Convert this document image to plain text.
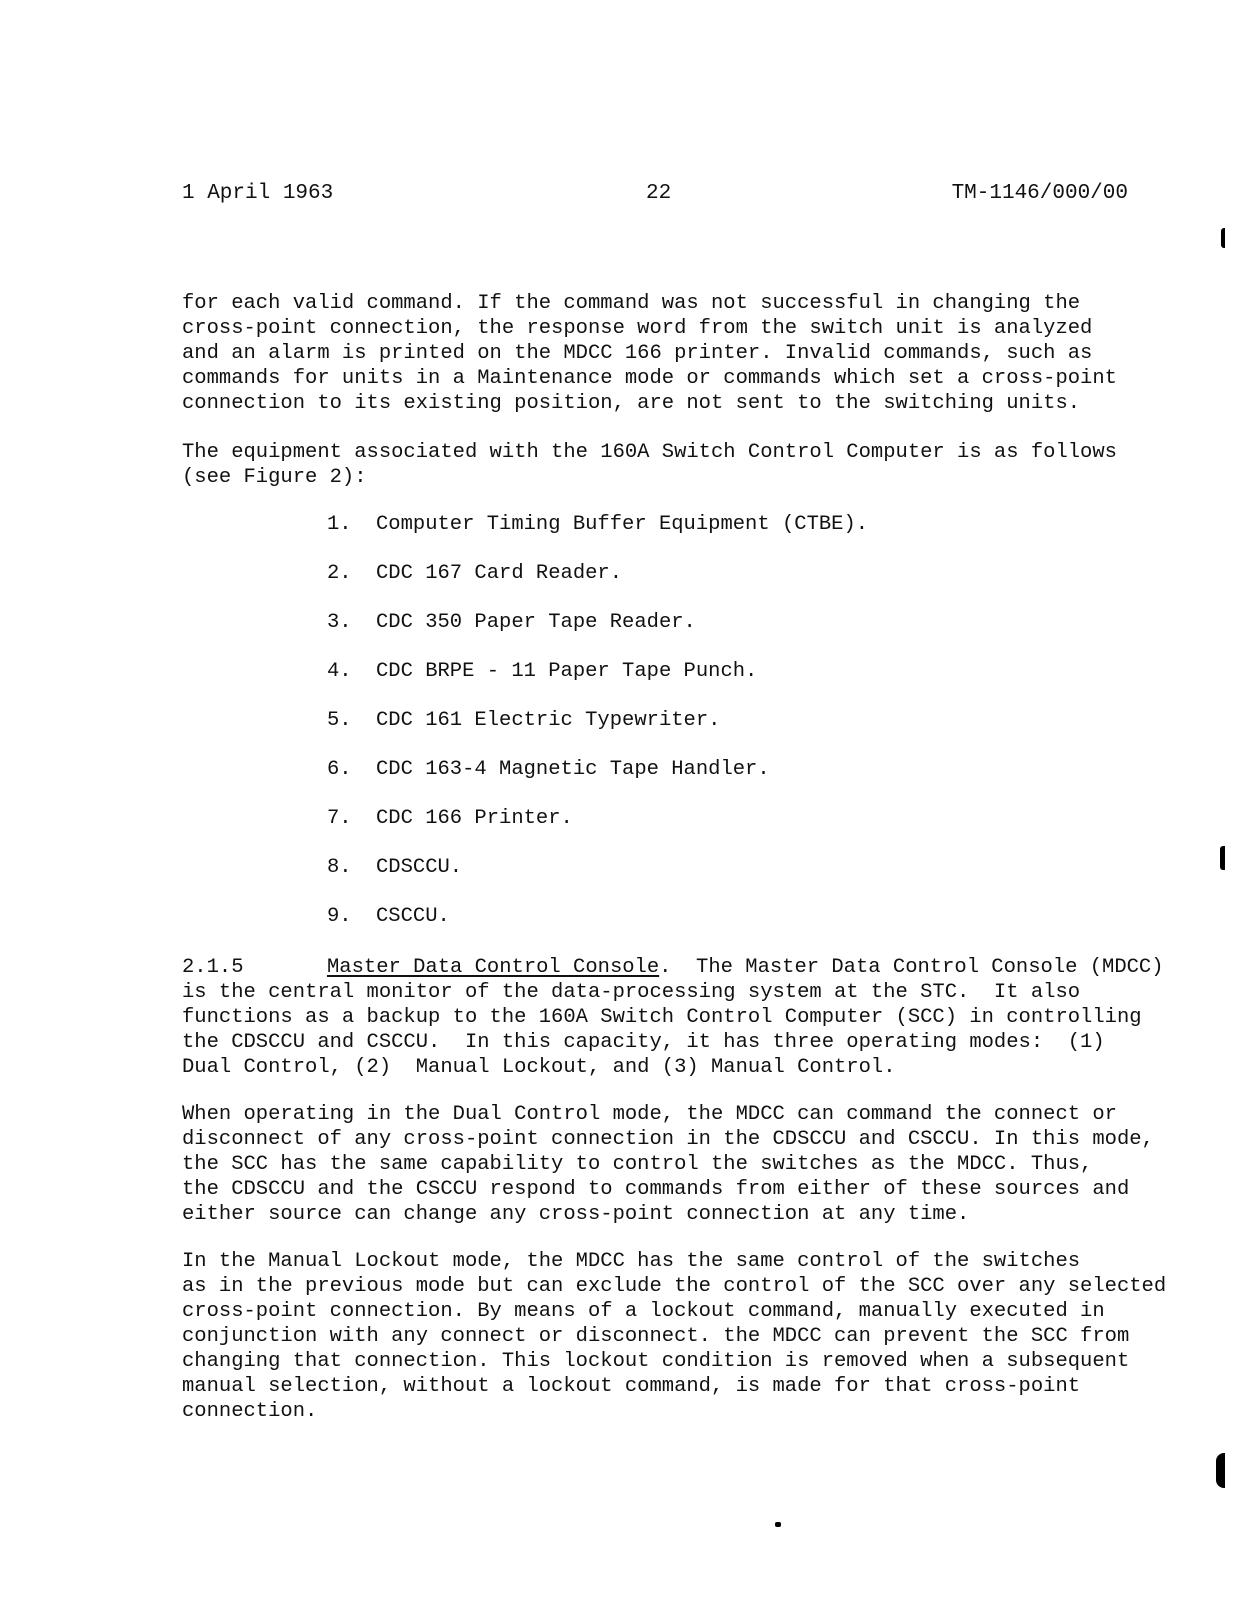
1 April 1963	22	TM-1146/000/00

for each valid command. If the command was not successful in changing the
cross-point connection, the response word from the switch unit is analyzed
and an alarm is printed on the MDCC 166 printer. Invalid commands, such as
commands for units in a Maintenance mode or commands which set a cross-point
connection to its existing position, are not sent to the switching units.

The equipment associated with the 160A Switch Control Computer is as follows
(see Figure 2):

1.	Computer Timing Buffer Equipment (CTBE).
2.	CDC 167 Card Reader.
3.	CDC 350 Paper Tape Reader.
4.	CDC BRPE - 11 Paper Tape Punch.
5.	CDC 161 Electric Typewriter.
6.	CDC 163-4 Magnetic Tape Handler.
7.	CDC 166 Printer.
8.	CDSCCU.
9.	CSCCU.
2.1.5	Master Data Control Console.  The Master Data Control Console (MDCC)
is the central monitor of the data-processing system at the STC.  It also
functions as a backup to the 160A Switch Control Computer (SCC) in controlling
the CDSCCU and CSCCU.  In this capacity, it has three operating modes:  (1)
Dual Control, (2)  Manual Lockout, and (3) Manual Control.

When operating in the Dual Control mode, the MDCC can command the connect or
disconnect of any cross-point connection in the CDSCCU and CSCCU. In this mode,
the SCC has the same capability to control the switches as the MDCC. Thus,
the CDSCCU and the CSCCU respond to commands from either of these sources and
either source can change any cross-point connection at any time.

In the Manual Lockout mode, the MDCC has the same control of the switches
as in the previous mode but can exclude the control of the SCC over any selected
cross-point connection. By means of a lockout command, manually executed in
conjunction with any connect or disconnect. the MDCC can prevent the SCC from
changing that connection. This lockout condition is removed when a subsequent
manual selection, without a lockout command, is made for that cross-point
connection.
